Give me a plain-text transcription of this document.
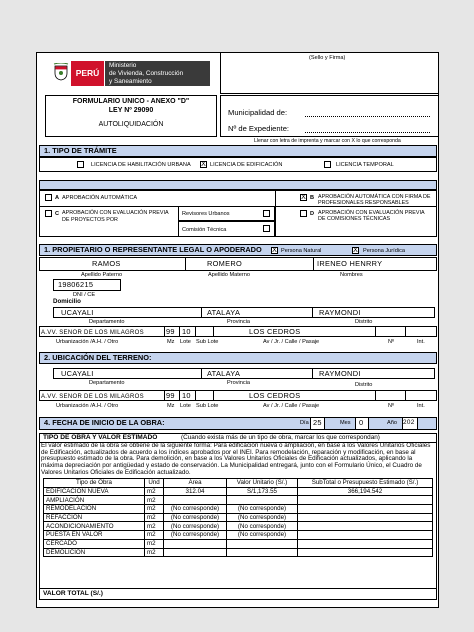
PERÚ
Ministerio
de Vivienda, Construcción
y Saneamiento
(Sello y Firma)
FORMULARIO UNICO - ANEXO "D"
LEY Nº 29090
AUTOLIQUIDACIÓN
Municipalidad de:
Nº de Expediente:
Llenar con letra de imprenta y marcar con X lo que corresponda
1. TIPO DE TRÁMITE
LICENCIA DE HABILITACIÓN URBANA X LICENCIA DE EDIFICACIÓN	LICENCIA TEMPORAL
A APROBACIÓN AUTOMÁTICA	X B APROBACIÓN AUTOMÁTICA CON FIRMA DE PROFESIONALES RESPONSABLES
C APROBACIÓN CON EVALUACIÓN PREVIA DE PROYECTOS POR
Revisores Urbanos
Comisión Técnica
D APROBACIÓN CON EVALUACIÓN PREVIA DE COMISIONES TÉCNICAS
1. PROPIETARIO O REPRESENTANTE LEGAL O APODERADO	X Persona Natural	X Persona Jurídica
RAMOS	ROMERO	IRENEO HENRRY
Apellido Paterno	Apellido Materno	Nombres
19806215
DNI / CE
Domicilio
UCAYALI	ATALAYA	RAYMONDI
Departamento	Provincia	Distrito
A.VV. SEÑOR DE LOS MILAGROS	99 10	LOS CEDROS
Urbanización /A.H. / Otro	Mz Lote Sub Lote	Av / Jr. / Calle / Pasaje	Nº	Int.
2. UBICACIÓN DEL TERRENO:
UCAYALI	ATALAYA	RAYMONDI
Departamento	Provincia	Distrito
A.VV. SEÑOR DE LOS MILAGROS	99 10	LOS CEDROS
Urbanización /A.H. / Otro	Mz Lote Sub Lote	Av / Jr. / Calle / Pasaje	Nº	Int.
4. FECHA DE INICIO DE LA OBRA:	Día 25	Mes 0	Año 202
TIPO DE OBRA Y VALOR ESTIMADO	(Cuando exista más de un tipo de obra, marcar los que correspondan)
El valor estimado de la obra se obtiene de la siguiente forma: Para edificación nueva o ampliación, en base a los Valores Unitarios Oficiales de Edificación, actualizados de acuerdo a los índices aprobados por el INEI. Para remodelación, reparación y modificación, en base al presupuesto estimado de la obra. Para demolición, en base a los Valores Unitarios Oficiales de Edificación actualizados, aplicando la máxima depreciación por antigüedad y estado de conservación. La Municipalidad entregará, junto con el Formulario Único, el Cuadro de Valores Unitarios Oficiales de Edificación actualizado.
Tipo de Obra	Und	Área	Valor Unitario (S/.)	SubTotal o Presupuesto Estimado (S/.)
EDIFICACIÓN NUEVA	m2	312.04	S/1,173.55	366,194.542
AMPLIACIÓN	m2			
REMODELACIÓN	m2	(No corresponde)	(No corresponde)	
REFACCIÓN	m2	(No corresponde)	(No corresponde)	
ACONDICIONAMIENTO	m2	(No corresponde)	(No corresponde)	
PUESTA EN VALOR	m2	(No corresponde)	(No corresponde)	
CERCADO	m2			
DEMOLICIÓN	m2			
VALOR TOTAL (S/.)
